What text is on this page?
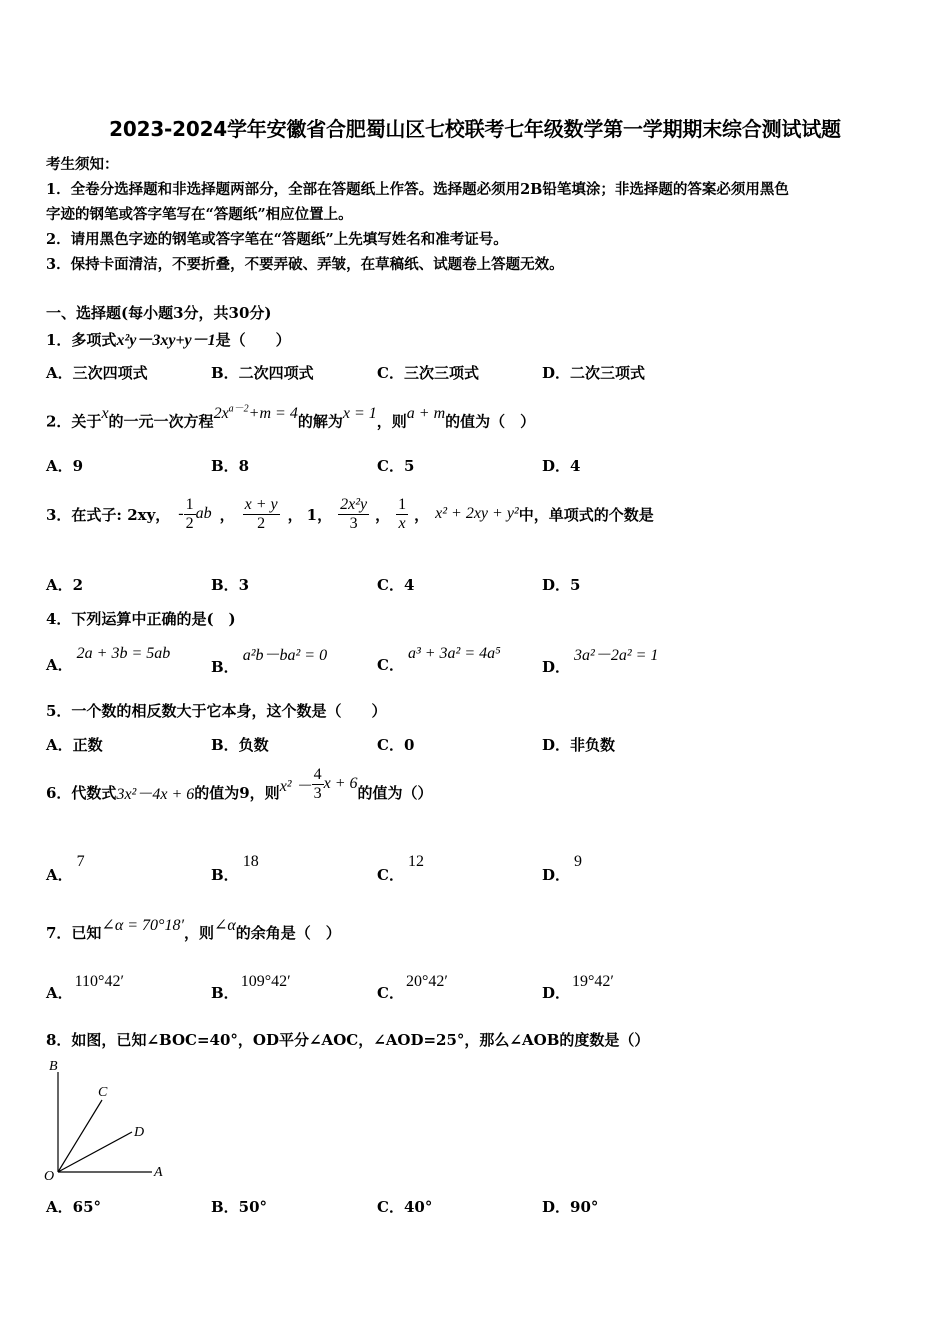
2023-2024学年安徽省合肥蜀山区七校联考七年级数学第一学期期末综合测试试题
考生须知：
1．全卷分选择题和非选择题两部分，全部在答题纸上作答。选择题必须用2B铅笔填涂；非选择题的答案必须用黑色
字迹的钢笔或答字笔写在“答题纸”相应位置上。
2．请用黑色字迹的钢笔或答字笔在“答题纸”上先填写姓名和准考证号。
3．保持卡面清洁，不要折叠，不要弄破、弄皱，在草稿纸、试题卷上答题无效。
一、选择题(每小题3分，共30分)
1．多项式x²y－3xy+y－1是（　　）
A．三次四项式	B．二次四项式	C．三次三项式	D．二次三项式
2．关于x的一元一次方程$2x^{a-2}+m = 4$的解为x = 1，则a + m的值为（　）
A．9	B．8	C．5	D．4
3．在式子: 2xy， - $\frac{1}{2}$ ab ， $\frac{x + y}{2}$ ， 1， $\frac{\text{2x²y}}{3}$ ， $\frac{1}{x}$ ， x² + 2xy + y² 中，单项式的个数是
A．2	B．3	C．4	D．5
4．下列运算中正确的是(　)
A．2a + 3b = 5ab
B．a²b－ba² = 0
C．a³ + 3a² = 4a⁵
D．3a²－2a² = 1
5．一个数的相反数大于它本身，这个数是（　　）
A．正数	B．负数	C．0	D．非负数
6．代数式 3x²－4x + 6 的值为9，则 $x^2 - \frac{4}{3}$ x + 6 的值为（）
A．7
B．18
C．12
D．9
7．已知∠α = 70°18′，则∠α的余角是（　）
A．110°42′
B．109°42′
C．20°42′
D．19°42′
8．如图，已知∠BOC=40°，OD平分∠AOC，∠AOD=25°，那么∠AOB的度数是（）
B
C
D
O	A
A．65°	B．50°	C．40°	D．90°
